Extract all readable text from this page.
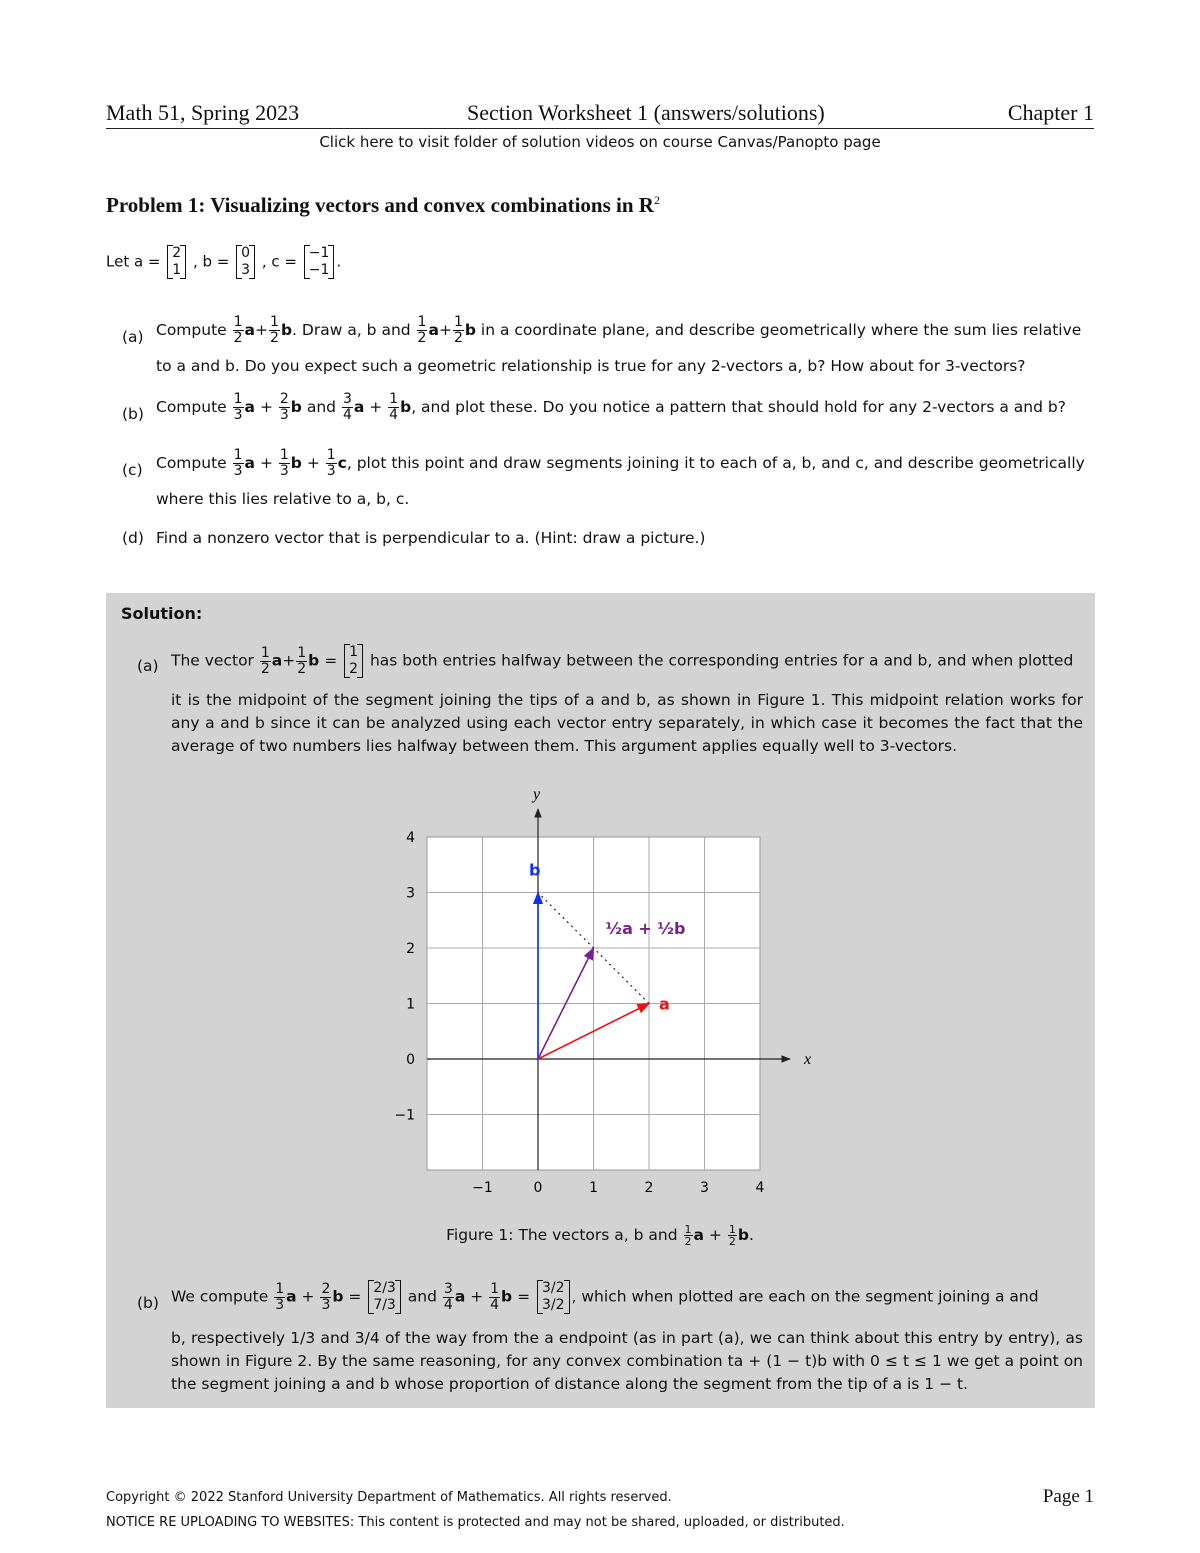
Math 51, Spring 2023	Section Worksheet 1 (answers/solutions)	Chapter 1
Click here to visit folder of solution videos on course Canvas/Panopto page
Problem 1: Visualizing vectors and convex combinations in $R^2$
Let a = 2
1 , b = 0
3 , c = −1
−1 .
(a) Compute $\frac{1}{2} a+ \frac{1}{2} b$. Draw a, b and $\frac{1}{2} a+ \frac{1}{2}$ b in a coordinate plane, and describe geometrically where the sum lies relative
to a and b. Do you expect such a geometric relationship is true for any 2-vectors a, b? How about for 3-vectors?
(b) Compute $\frac{1}{3}$ $a + \frac{2}{3}$ b and $\frac{3}{4}$ $a + \frac{1}{4} b$, and plot these. Do you notice a pattern that should hold for any 2-vectors a and b?
(c) Compute $\frac{1}{3}$ $a + \frac{1}{3}$ $b + \frac{1}{3} c$, plot this point and draw segments joining it to each of a, b, and c, and describe geometrically
where this lies relative to a, b, c.
(d) Find a nonzero vector that is perpendicular to a. (Hint: draw a picture.)
Solution:
(a) The vector $\frac{1}{2} a+ \frac{1}{2}$ b = 1
2 has both entries halfway between the corresponding entries for a and b, and when plotted
it is the midpoint of the segment joining the tips of a and b, as shown in Figure 1. This midpoint relation works for any a and b since it can be analyzed using each vector entry separately, in which case it becomes the fact that the average of two numbers lies halfway between them. This argument applies equally well to 3-vectors.
x
y
−1	0	1	2	3	4
4
3
2
1
0
−1
a
b
½a + ½b
Figure 1: The vectors a, b and $\frac{1}{2}$ $a + \frac{1}{2} b$.
(b) We compute $\frac{1}{3}$ $a + \frac{2}{3}$ b = 2/3
7/3 and $\frac{3}{4}$ $a + \frac{1}{4}$ b = 3/2
3/2 , which when plotted are each on the segment joining a and
b, respectively 1/3 and 3/4 of the way from the a endpoint (as in part (a), we can think about this entry by entry), as shown in Figure 2. By the same reasoning, for any convex combination ta + (1 − t)b with 0 ≤ t ≤ 1 we get a point on the segment joining a and b whose proportion of distance along the segment from the tip of a is 1 − t.
Copyright © 2022 Stanford University Department of Mathematics. All rights reserved.	Page 1
NOTICE RE UPLOADING TO WEBSITES: This content is protected and may not be shared, uploaded, or distributed.
